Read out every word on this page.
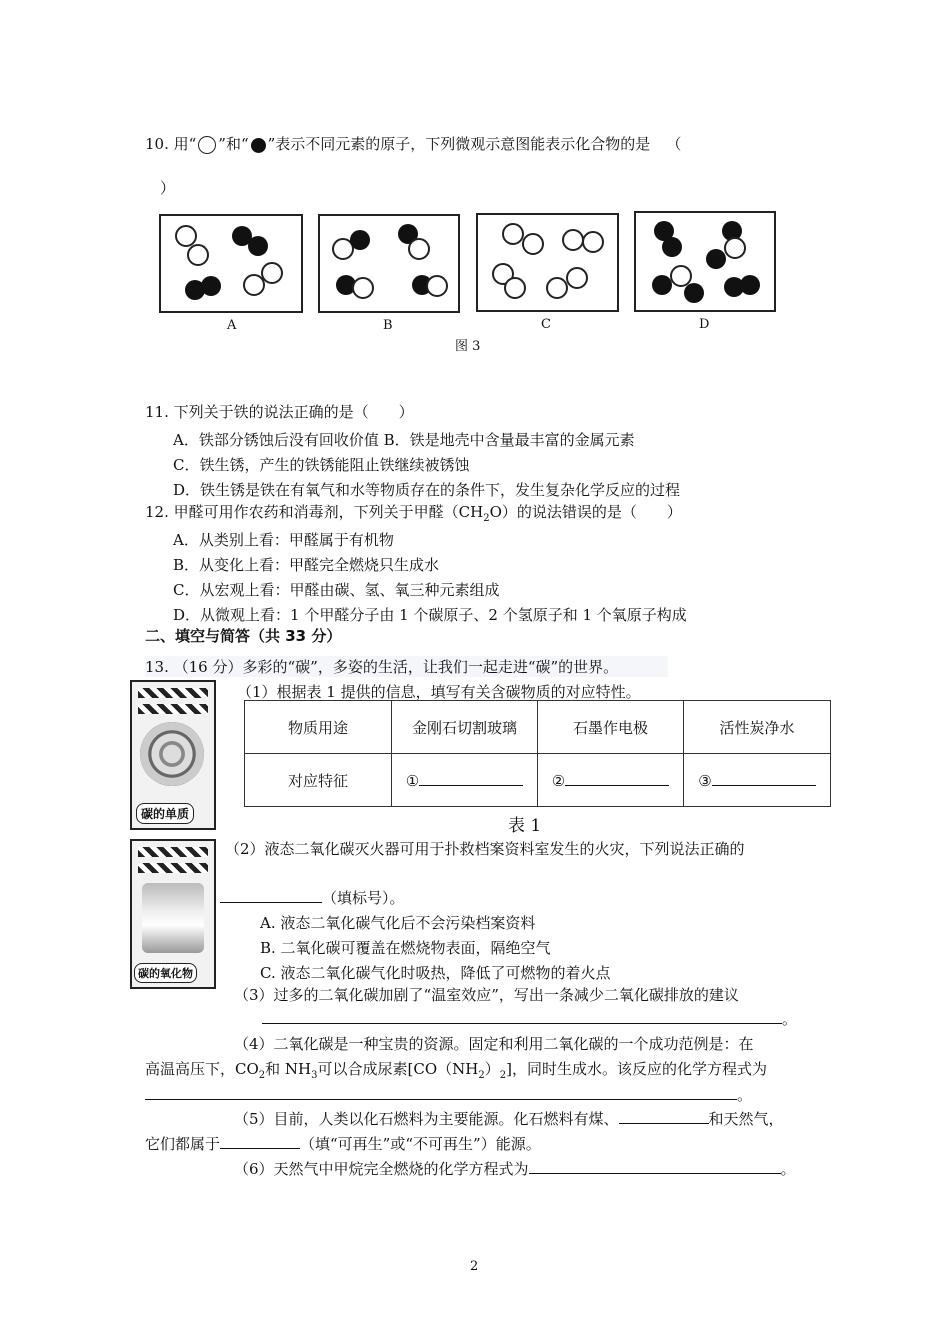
10. 用“ ”和“ ”表示不同元素的原子，下列微观示意图能表示化合物的是 （
）
A	B	C	D
图 3
11. 下列关于铁的说法正确的是（　　）
A．铁部分锈蚀后没有回收价值 B．铁是地壳中含量最丰富的金属元素
C．铁生锈，产生的铁锈能阻止铁继续被锈蚀
D．铁生锈是铁在有氧气和水等物质存在的条件下，发生复杂化学反应的过程
12. 甲醛可用作农药和消毒剂，下列关于甲醛$(CH_2O)$的说法错误的是（　　）
A．从类别上看：甲醛属于有机物
B．从变化上看：甲醛完全燃烧只生成水
C．从宏观上看：甲醛由碳、氢、氧三种元素组成
D．从微观上看：1 个甲醛分子由 1 个碳原子、2 个氢原子和 1 个氧原子构成
二、填空与简答（共 33 分）
13. （16 分）多彩的“碳”，多姿的生活，让我们一起走进“碳”的世界。
碳的单质
碳的氧化物
（1）根据表 1 提供的信息，填写有关含碳物质的对应特性。
物质用途	金刚石切割玻璃	石墨作电极	活性炭净水
对应特征	①	②	③
表 1
（2）液态二氧化碳灭火器可用于扑救档案资料室发生的火灾，下列说法正确的
（填标号）。
A. 液态二氧化碳气化后不会污染档案资料
B. 二氧化碳可覆盖在燃烧物表面，隔绝空气
C. 液态二氧化碳气化时吸热，降低了可燃物的着火点
（3）过多的二氧化碳加剧了“温室效应”，写出一条减少二氧化碳排放的建议
。
（4）二氧化碳是一种宝贵的资源。固定和利用二氧化碳的一个成功范例是：在
高温高压下，$CO_2$和 $NH_3$可以合成尿素$[CO(NH_2)_2]$，同时生成水。该反应的化学方程式为
。
（5）目前，人类以化石燃料为主要能源。化石燃料有煤、	和天然气，
它们都属于	（填“可再生”或“不可再生”）能源。
（6）天然气中甲烷完全燃烧的化学方程式为	。
2
